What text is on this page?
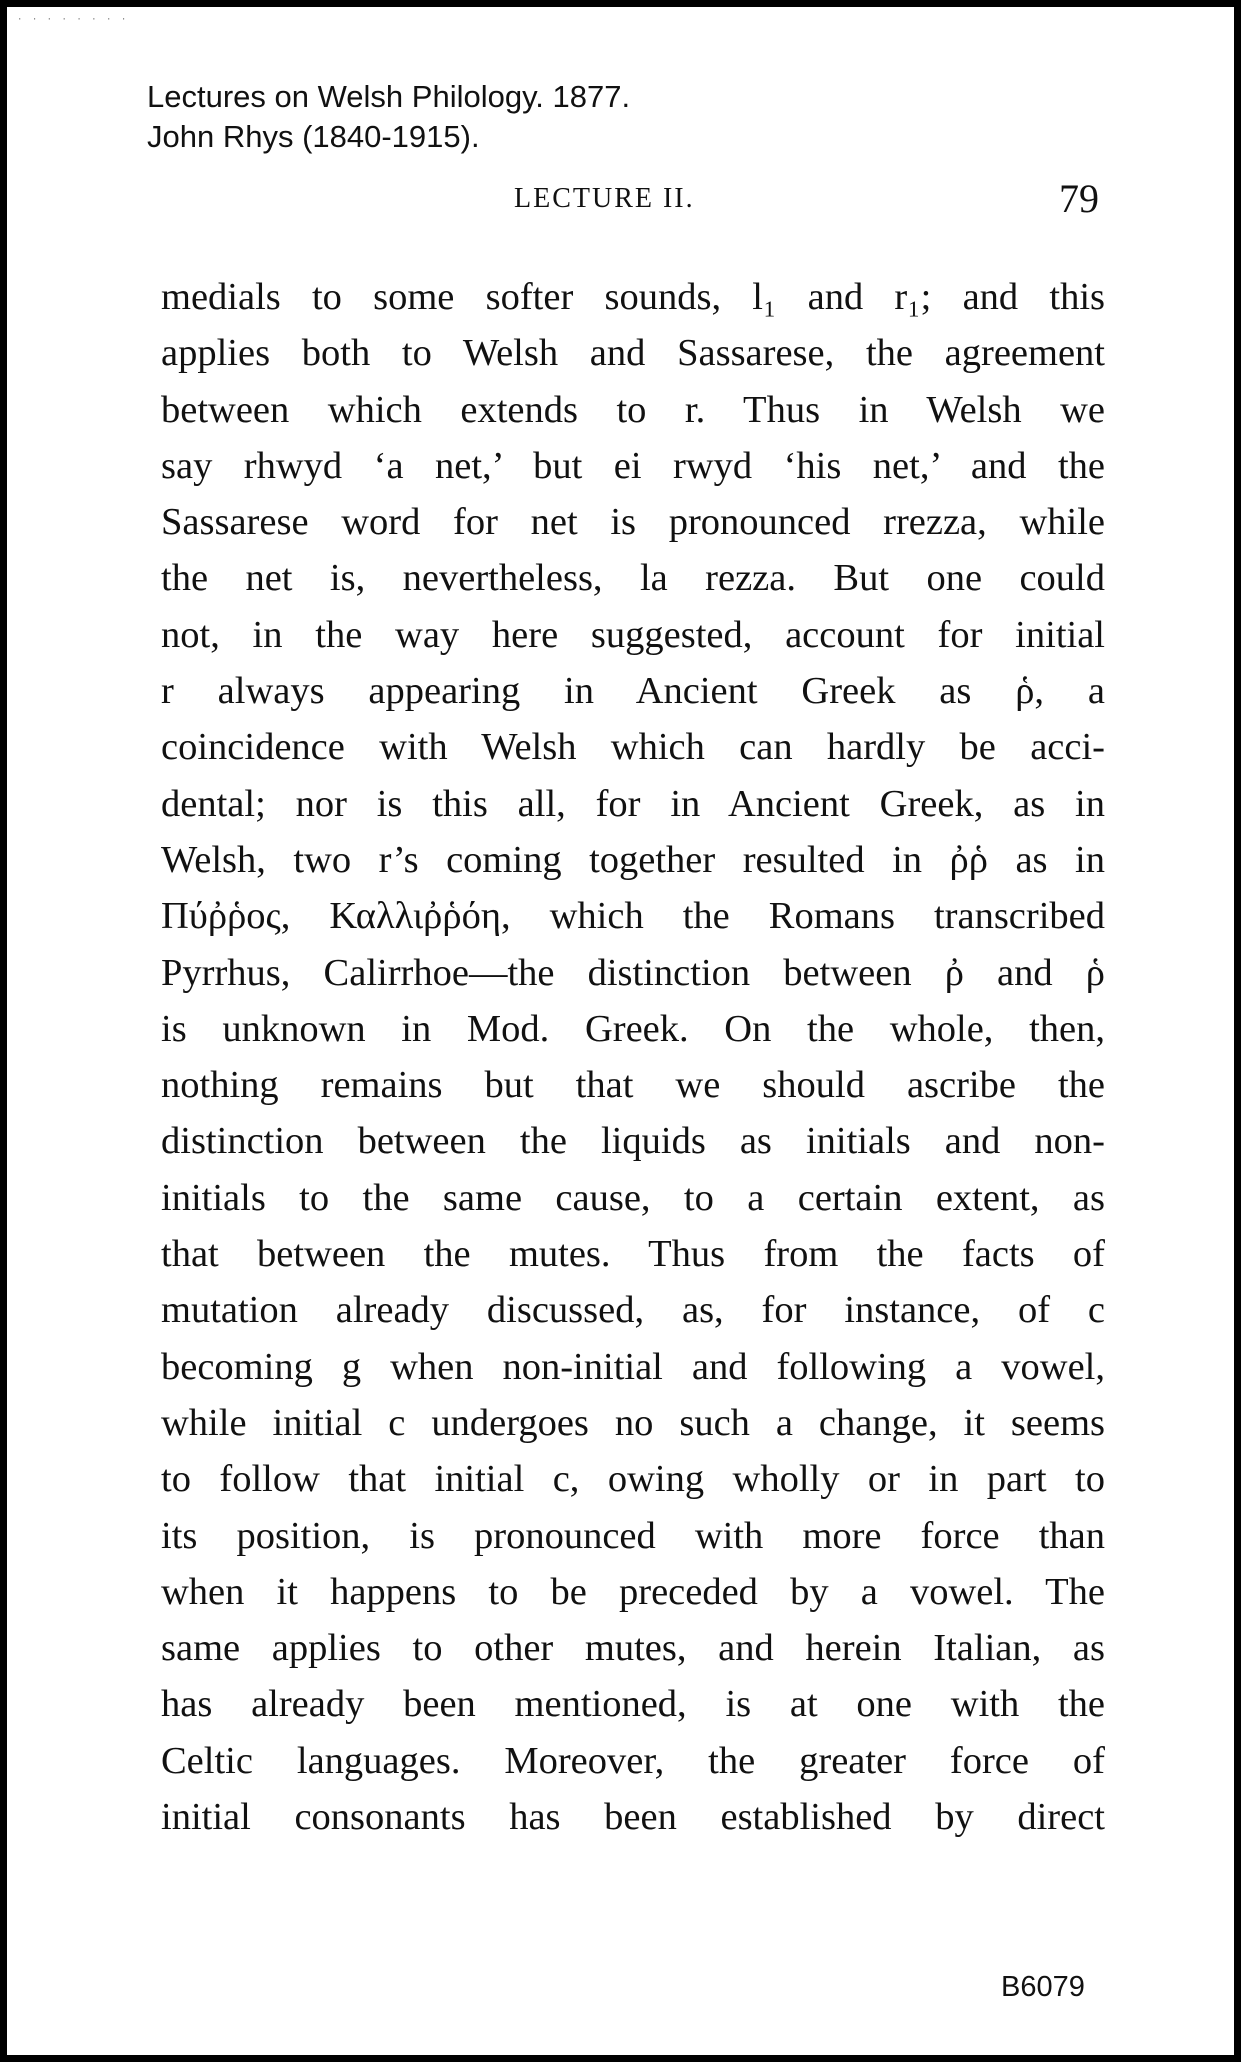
· · · · · · · ·
Lectures on Welsh Philology. 1877.
John Rhys (1840-1915).
LECTURE II.	79
medials to some softer sounds, l₁ and r₁; and this
applies both to Welsh and Sassarese, the agreement
between which extends to r. Thus in Welsh we
say rhwyd ‘a net,’ but ei rwyd ‘his net,’ and the
Sassarese word for net is pronounced rrezza, while
the net is, nevertheless, la rezza. But one could
not, in the way here suggested, account for initial
r always appearing in Ancient Greek as ῥ, a
coincidence with Welsh which can hardly be acci-
dental; nor is this all, for in Ancient Greek, as in
Welsh, two r’s coming together resulted in ῤῥ as in
Πύῤῥος, Καλλιῤῥόη, which the Romans transcribed
Pyrrhus, Calirrhoe—the distinction between ῤ and ῥ
is unknown in Mod. Greek. On the whole, then,
nothing remains but that we should ascribe the
distinction between the liquids as initials and non-
initials to the same cause, to a certain extent, as
that between the mutes. Thus from the facts of
mutation already discussed, as, for instance, of c
becoming g when non-initial and following a vowel,
while initial c undergoes no such a change, it seems
to follow that initial c, owing wholly or in part to
its position, is pronounced with more force than
when it happens to be preceded by a vowel. The
same applies to other mutes, and herein Italian, as
has already been mentioned, is at one with the
Celtic languages. Moreover, the greater force of
initial consonants has been established by direct
B6079
